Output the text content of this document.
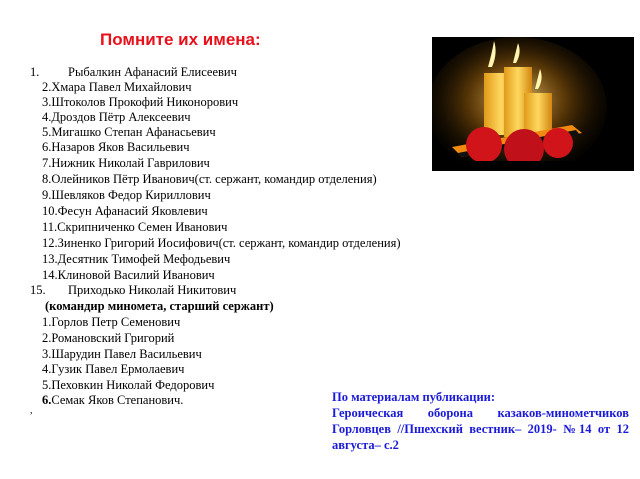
Помните их имена:
1. Рыбалкин Афанасий Елисеевич
2.Хмара Павел Михайлович
3.Штоколов Прокофий Никонорович
4.Дроздов Пётр Алексеевич
5.Мигашко Степан Афанасьевич
6.Назаров Яков Васильевич
7.Нижник Николай Гаврилович
8.Олейников Пётр Иванович(ст. сержант, командир отделения)
9.Шевляков Федор Кириллович
10.Фесун Афанасий Яковлевич
11.Скрипниченко Семен Иванович
12.Зиненко Григорий Иосифович(ст. сержант, командир отделения)
13.Десятник Тимофей Мефодьевич
14.Клиновой Василий Иванович
15. Приходько Николай Никитович
(командир миномета, старший сержант)
1.Горлов Петр Семенович
2.Романовский Григорий
3.Шарудин Павел Васильевич
4.Гузик Павел Ермолаевич
5.Пеховкин Николай Федорович
6.Семак Яков Степанович.
,

По материалам публикации:

Героическая оборона казаков-минометчиков Горловцев //Пшехский вестник– 2019- №14 от 12 августа– с.2
